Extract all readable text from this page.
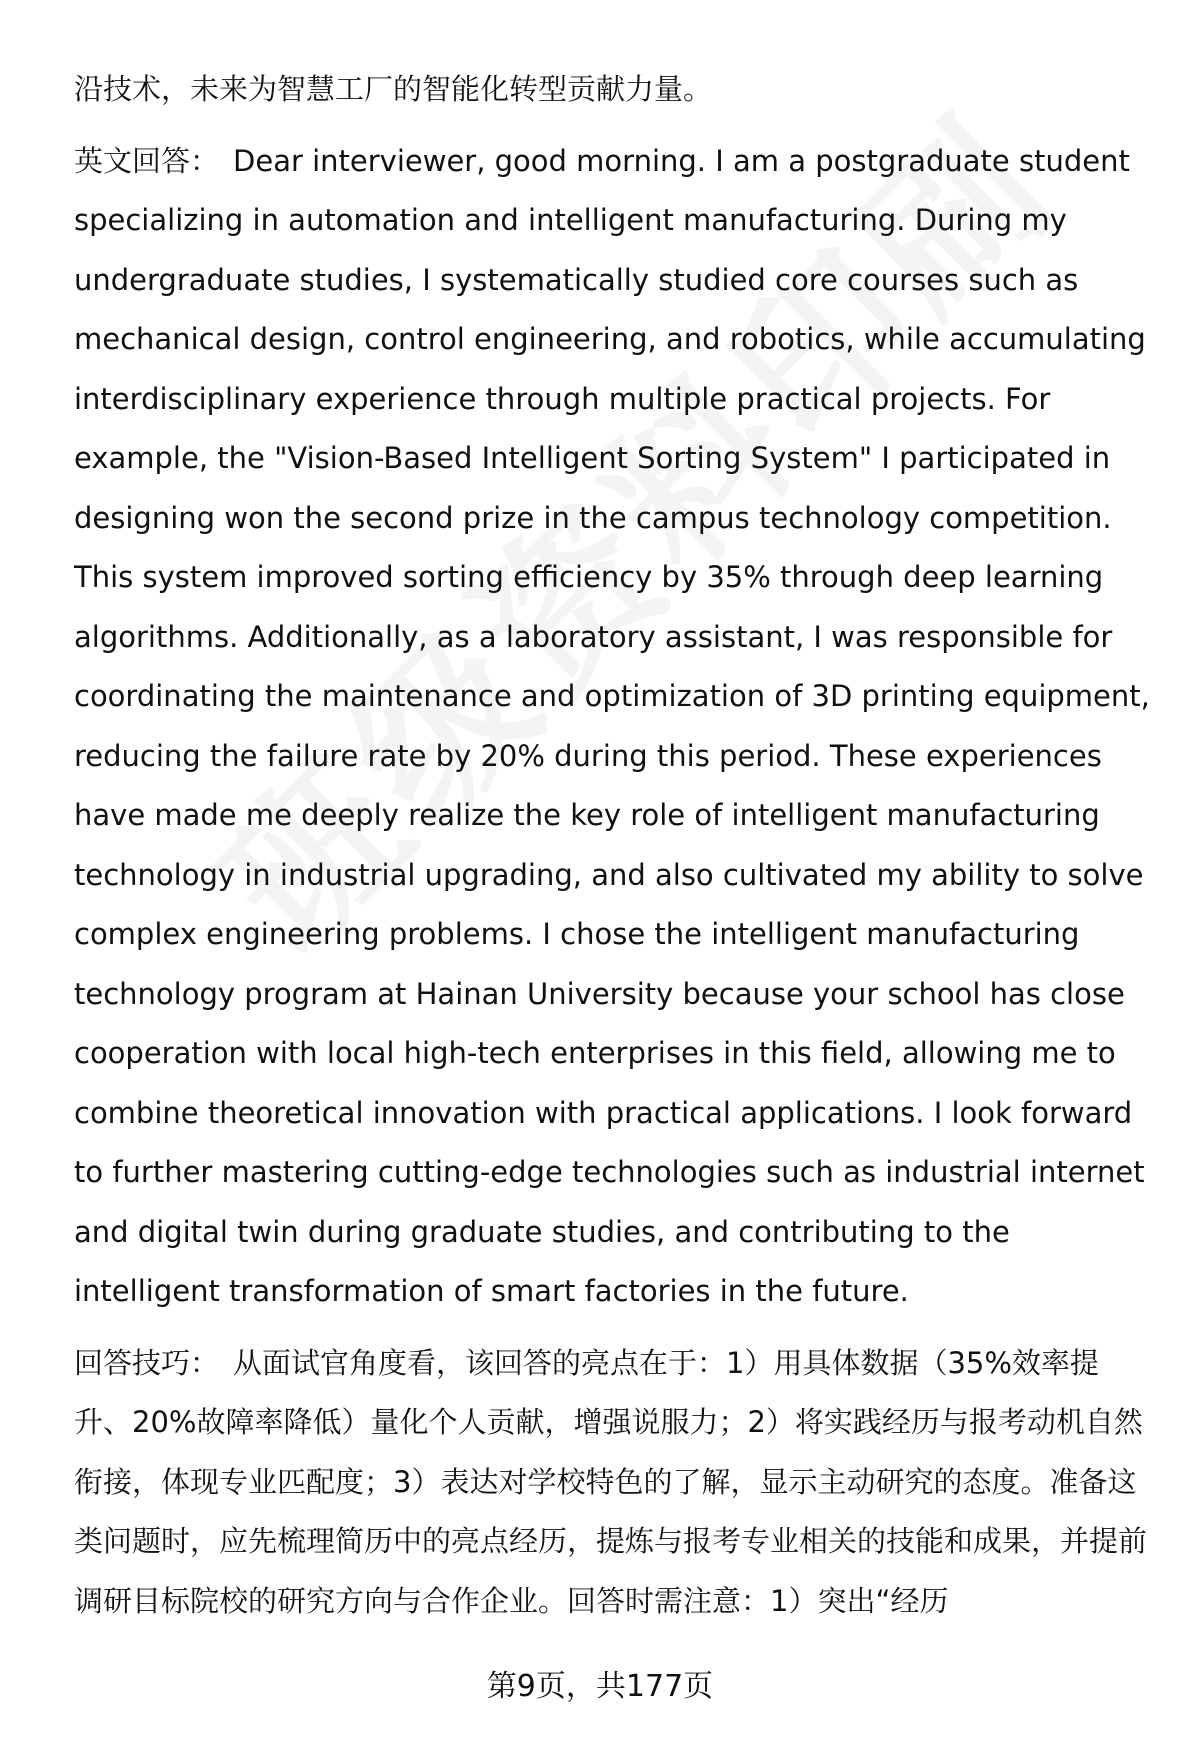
沿技术，未来为智慧工厂的智能化转型贡献力量。

英文回答： Dear interviewer, good morning. I am a postgraduate student specializing in automation and intelligent manufacturing. During my undergraduate studies, I systematically studied core courses such as mechanical design, control engineering, and robotics, while accumulating interdisciplinary experience through multiple practical projects. For example, the "Vision-Based Intelligent Sorting System" I participated in designing won the second prize in the campus technology competition. This system improved sorting efficiency by 35% through deep learning algorithms. Additionally, as a laboratory assistant, I was responsible for coordinating the maintenance and optimization of 3D printing equipment, reducing the failure rate by 20% during this period. These experiences have made me deeply realize the key role of intelligent manufacturing technology in industrial upgrading, and also cultivated my ability to solve complex engineering problems. I chose the intelligent manufacturing technology program at Hainan University because your school has close cooperation with local high-tech enterprises in this field, allowing me to combine theoretical innovation with practical applications. I look forward to further mastering cutting-edge technologies such as industrial internet and digital twin during graduate studies, and contributing to the intelligent transformation of smart factories in the future.

回答技巧： 从面试官角度看，该回答的亮点在于：1）用具体数据（35%效率提升、20%故障率降低）量化个人贡献，增强说服力；2）将实践经历与报考动机自然衔接，体现专业匹配度；3）表达对学校特色的了解，显示主动研究的态度。准备这类问题时，应先梳理简历中的亮点经历，提炼与报考专业相关的技能和成果，并提前调研目标院校的研究方向与合作企业。回答时需注意：1）突出“经历

第9页，共177页
